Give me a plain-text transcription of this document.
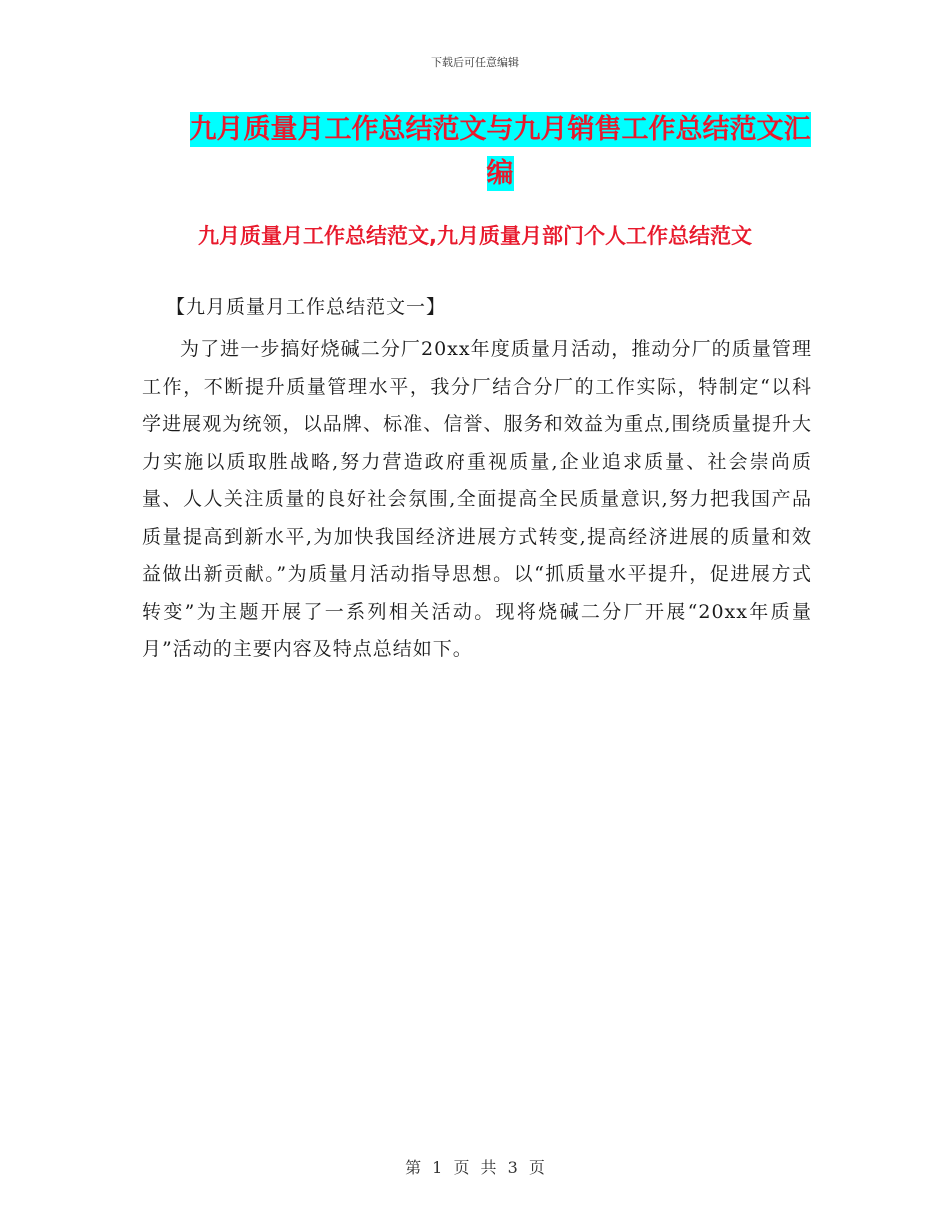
下载后可任意编辑
九月质量月工作总结范文与九月销售工作总结范文汇编
九月质量月工作总结范文,九月质量月部门个人工作总结范文
【九月质量月工作总结范文一】

为了进一步搞好烧碱二分厂20xx年度质量月活动，推动分厂的质量管理工作，不断提升质量管理水平，我分厂结合分厂的工作实际，特制定“以科学进展观为统领，以品牌、标准、信誉、服务和效益为重点,围绕质量提升大力实施以质取胜战略,努力营造政府重视质量,企业追求质量、社会崇尚质量、人人关注质量的良好社会氛围,全面提高全民质量意识,努力把我国产品质量提高到新水平,为加快我国经济进展方式转变,提高经济进展的质量和效益做出新贡献。”为质量月活动指导思想。以“抓质量水平提升，促进展方式转变”为主题开展了一系列相关活动。现将烧碱二分厂开展“20xx年质量月”活动的主要内容及特点总结如下。

第 1 页 共 3 页
